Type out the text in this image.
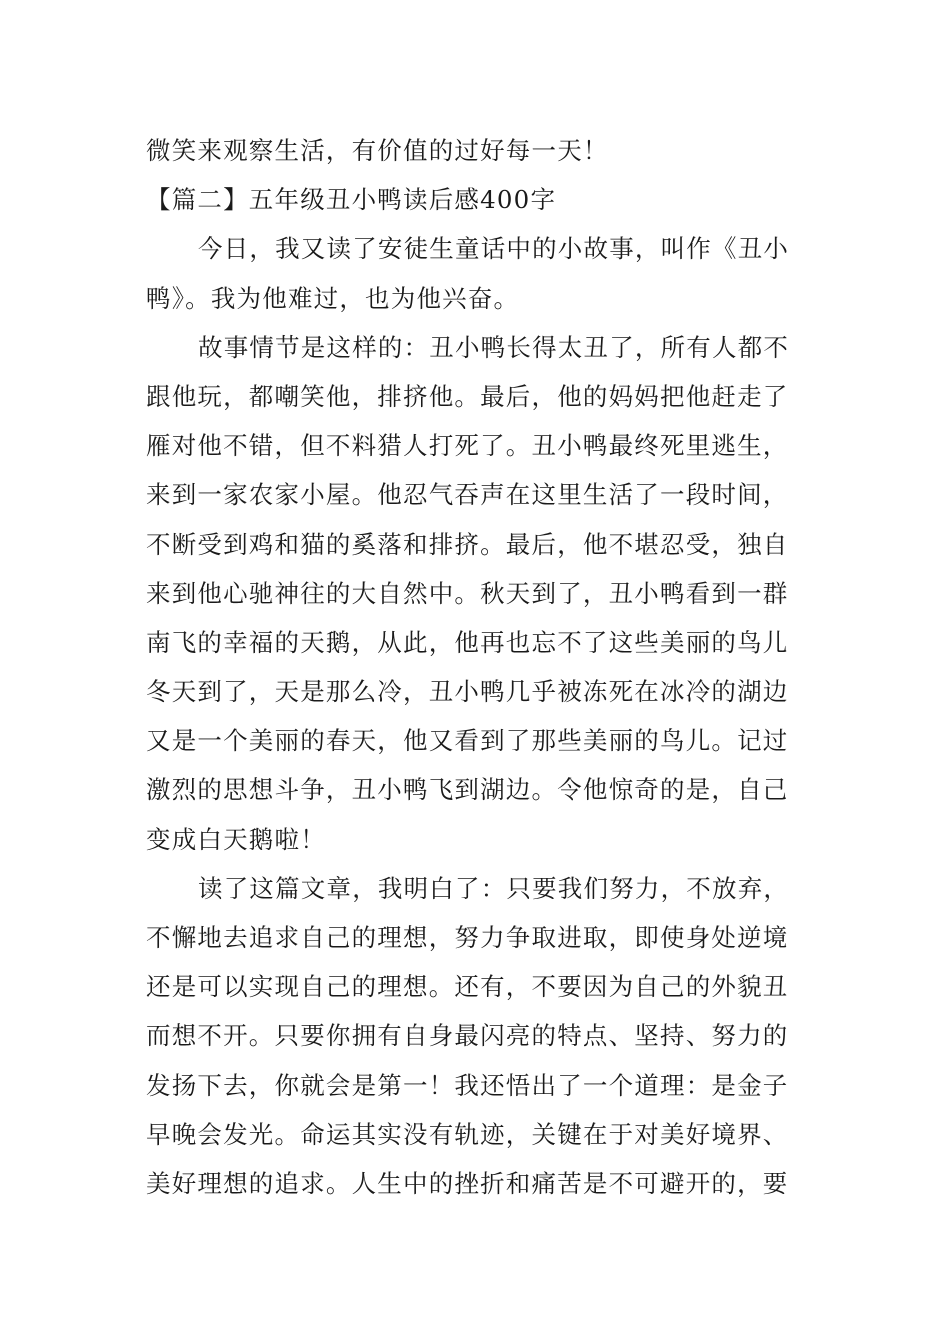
微笑来观察生活，有价值的过好每一天！
【篇二】五年级丑小鸭读后感400字
今日，我又读了安徒生童话中的小故事，叫作《丑小
鸭》。我为他难过，也为他兴奋。
故事情节是这样的：丑小鸭长得太丑了，所有人都不
跟他玩，都嘲笑他，排挤他。最后，他的妈妈把他赶走了
雁对他不错，但不料猎人打死了。丑小鸭最终死里逃生，
来到一家农家小屋。他忍气吞声在这里生活了一段时间，
不断受到鸡和猫的奚落和排挤。最后，他不堪忍受，独自
来到他心驰神往的大自然中。秋天到了，丑小鸭看到一群
南飞的幸福的天鹅，从此，他再也忘不了这些美丽的鸟儿
冬天到了，天是那么冷，丑小鸭几乎被冻死在冰冷的湖边
又是一个美丽的春天，他又看到了那些美丽的鸟儿。记过
激烈的思想斗争，丑小鸭飞到湖边。令他惊奇的是，自己
变成白天鹅啦！
读了这篇文章，我明白了：只要我们努力，不放弃，
不懈地去追求自己的理想，努力争取进取，即使身处逆境
还是可以实现自己的理想。还有，不要因为自己的外貌丑
而想不开。只要你拥有自身最闪亮的特点、坚持、努力的
发扬下去，你就会是第一！我还悟出了一个道理：是金子
早晚会发光。命运其实没有轨迹，关键在于对美好境界、
美好理想的追求。人生中的挫折和痛苦是不可避开的，要
